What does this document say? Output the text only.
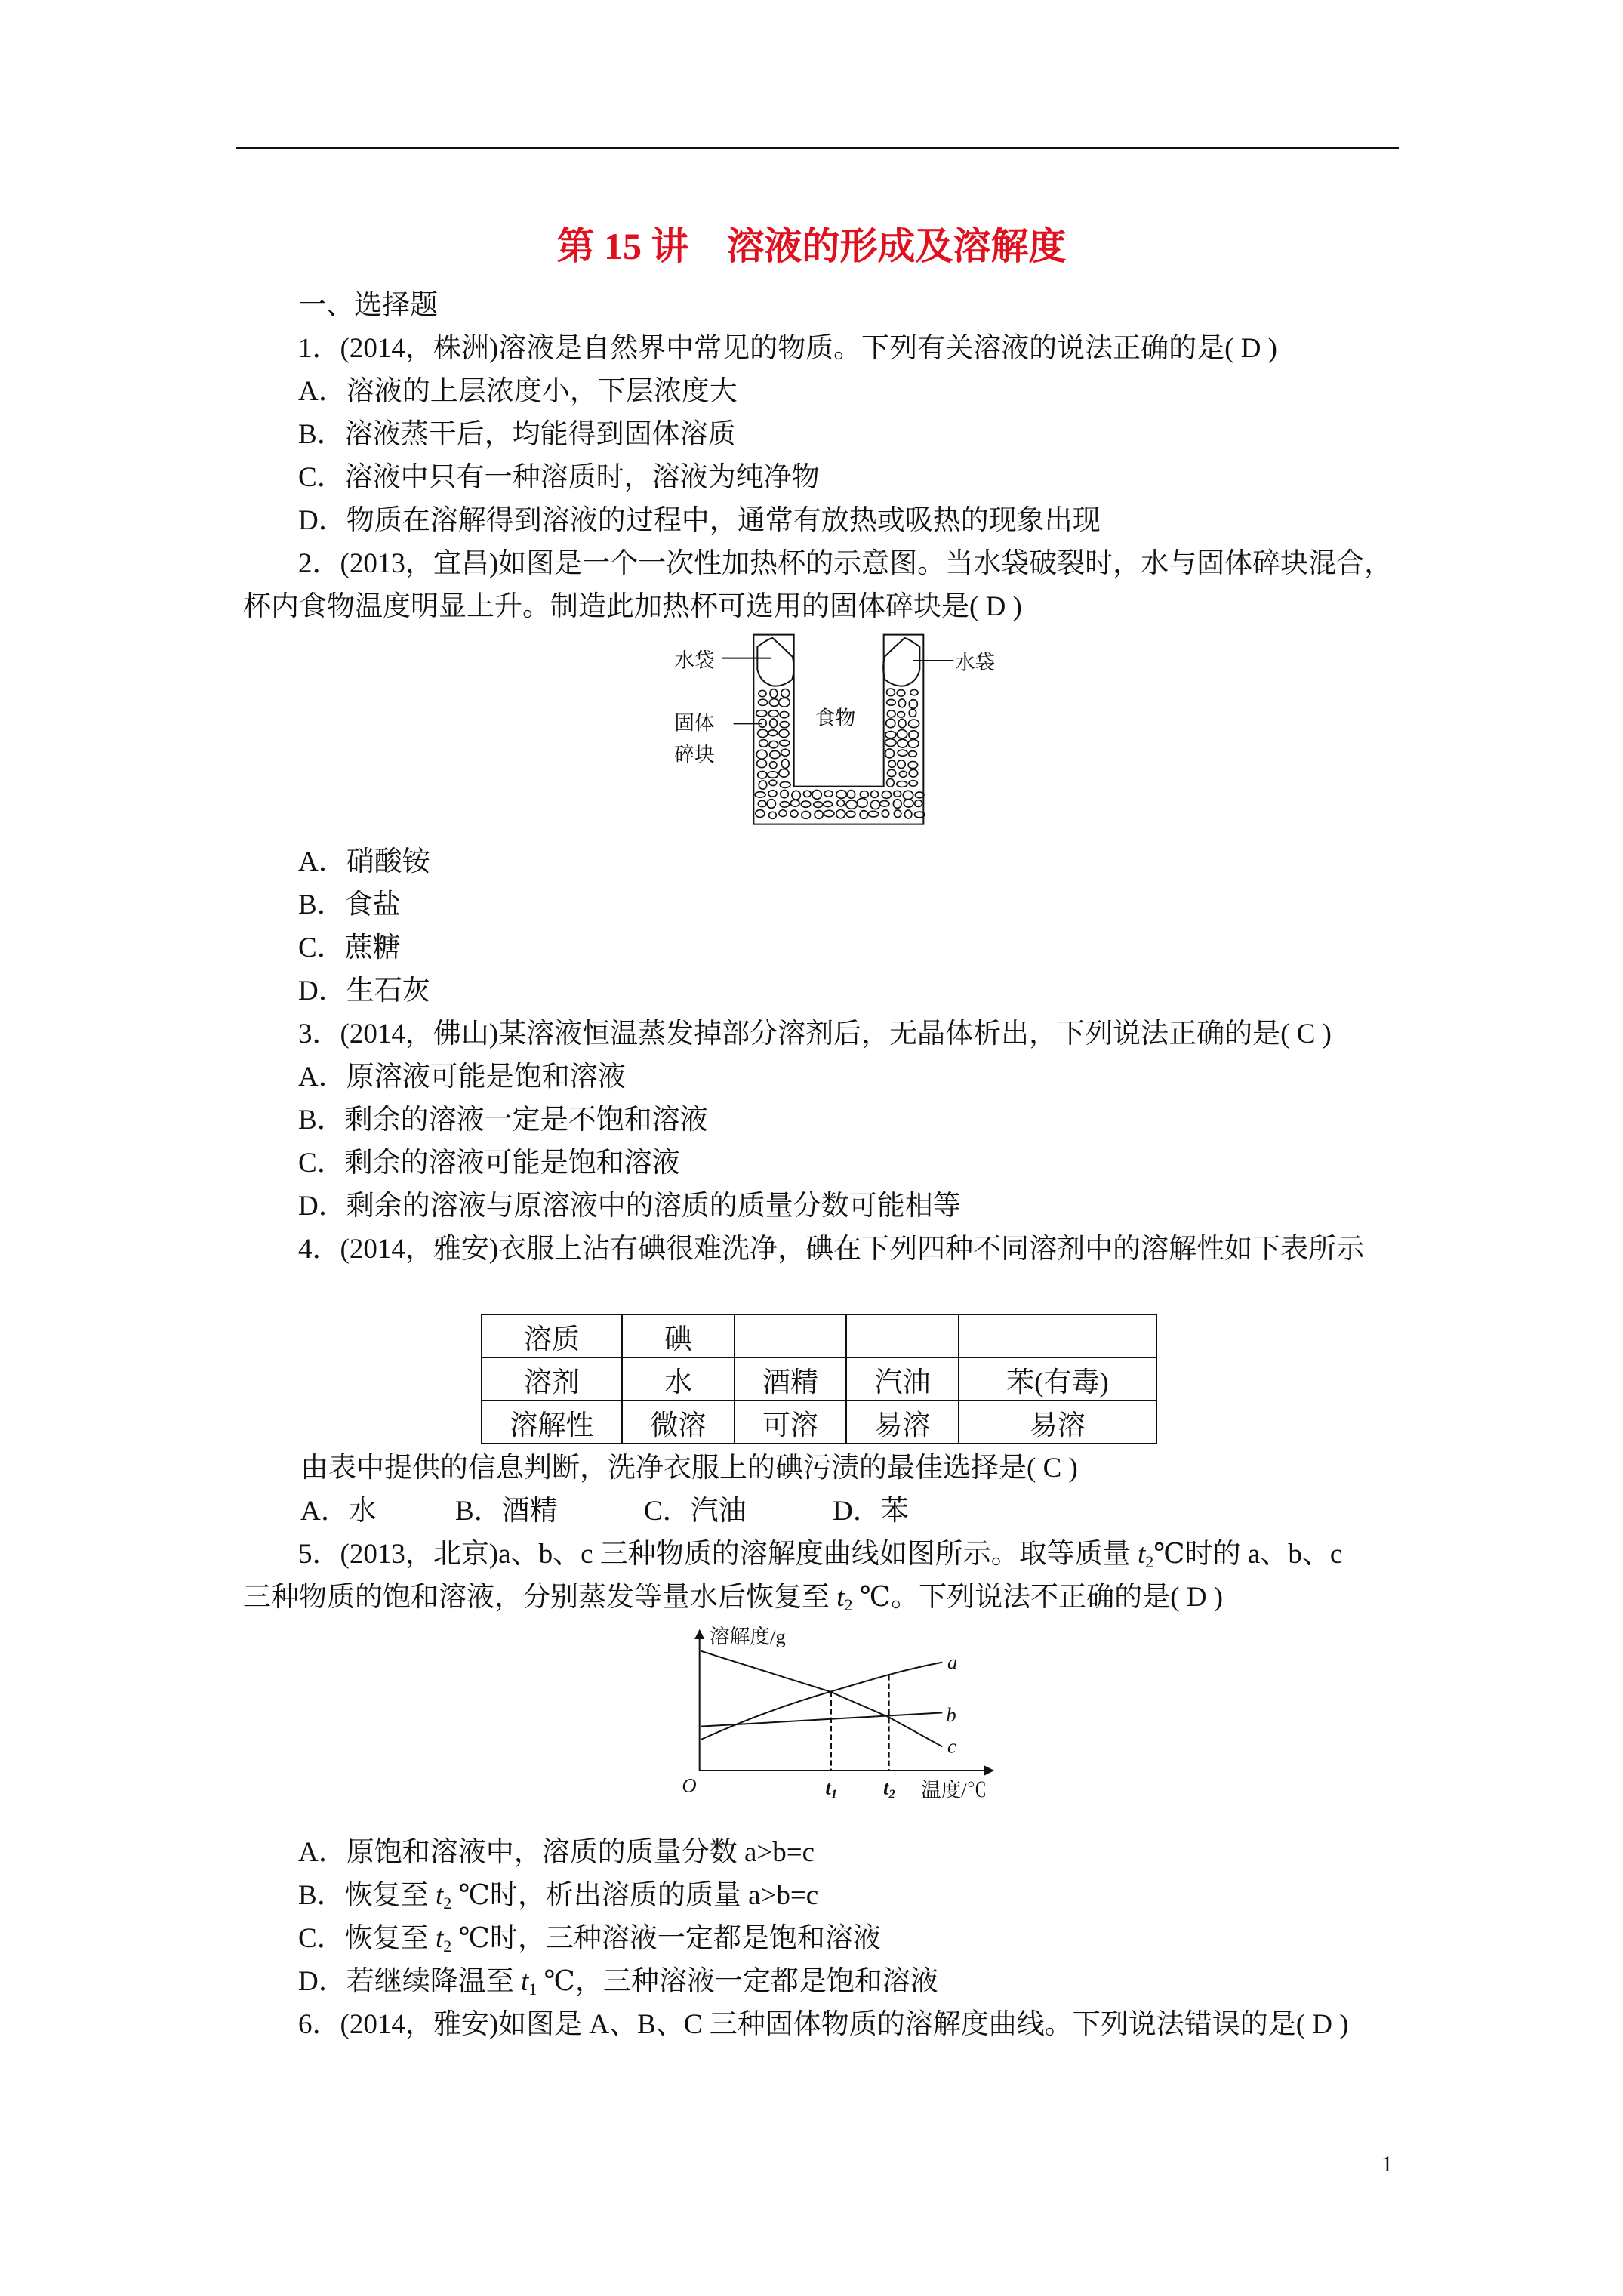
第 15 讲　溶液的形成及溶解度
一、选择题
1．(2014，株洲)溶液是自然界中常见的物质。下列有关溶液的说法正确的是( D )
A．溶液的上层浓度小，下层浓度大
B．溶液蒸干后，均能得到固体溶质
C．溶液中只有一种溶质时，溶液为纯净物
D．物质在溶解得到溶液的过程中，通常有放热或吸热的现象出现
2．(2013，宜昌)如图是一个一次性加热杯的示意图。当水袋破裂时，水与固体碎块混合，
杯内食物温度明显上升。制造此加热杯可选用的固体碎块是( D )
水袋	水袋
食物
固体
碎块
A．硝酸铵
B．食盐
C．蔗糖
D．生石灰
3．(2014，佛山)某溶液恒温蒸发掉部分溶剂后，无晶体析出，下列说法正确的是( C )
A．原溶液可能是饱和溶液
B．剩余的溶液一定是不饱和溶液
C．剩余的溶液可能是饱和溶液
D．剩余的溶液与原溶液中的溶质的质量分数可能相等
4．(2014，雅安)衣服上沾有碘很难洗净，碘在下列四种不同溶剂中的溶解性如下表所示
溶质	碘			
溶剂	水	酒精	汽油	苯(有毒)
溶解性	微溶	可溶	易溶	易溶
由表中提供的信息判断，洗净衣服上的碘污渍的最佳选择是( C )
A．水	B．酒精	C．汽油	D．苯
5．(2013，北京)a、b、c 三种物质的溶解度曲线如图所示。取等质量 $t_2℃$时的 a、b、c
三种物质的饱和溶液，分别蒸发等量水后恢复至 $t_2$ ℃。下列说法不正确的是( D )
溶解度/g
温度/℃
O t1 t2
a
b
c
A．原饱和溶液中，溶质的质量分数 a>b=c
B．恢复至 $t_2$ ℃时，析出溶质的质量 a>b=c
C．恢复至 $t_2$ ℃时，三种溶液一定都是饱和溶液
D．若继续降温至 $t_1$ ℃，三种溶液一定都是饱和溶液
6．(2014，雅安)如图是 A、B、C 三种固体物质的溶解度曲线。下列说法错误的是( D )
1
